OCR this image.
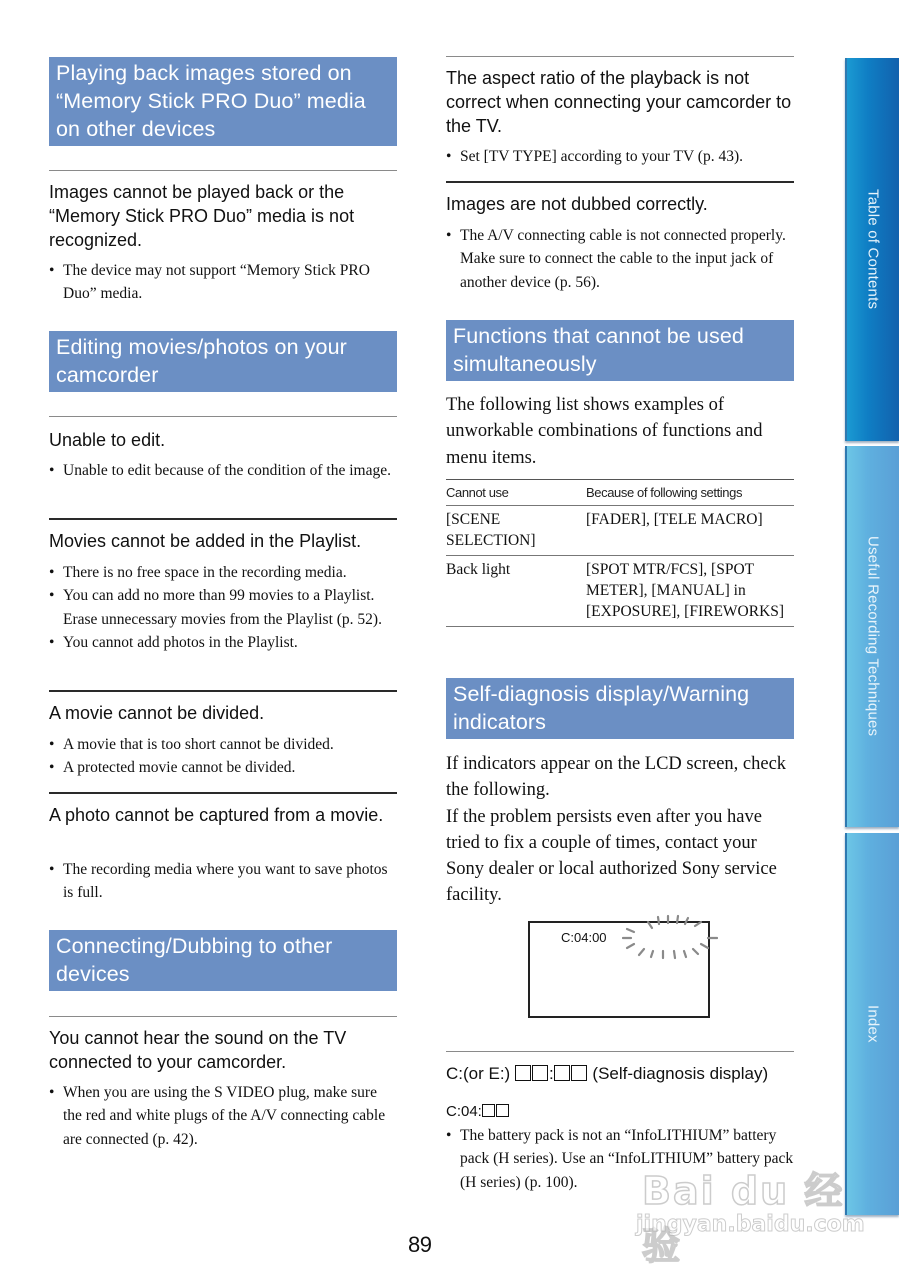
Playing back images stored on “Memory Stick PRO Duo” media on other devices
Images cannot be played back or the “Memory Stick PRO Duo” media is not recognized.
• The device may not support “Memory Stick PRO Duo” media.
Editing movies/photos on your camcorder
Unable to edit.
• Unable to edit because of the condition of the image.
Movies cannot be added in the Playlist.
• There is no free space in the recording media.
• You can add no more than 99 movies to a Playlist. Erase unnecessary movies from the Playlist (p. 52).
• You cannot add photos in the Playlist.
A movie cannot be divided.
• A movie that is too short cannot be divided.
• A protected movie cannot be divided.
A photo cannot be captured from a movie.
• The recording media where you want to save photos is full.
Connecting/Dubbing to other devices
You cannot hear the sound on the TV connected to your camcorder.
• When you are using the S VIDEO plug, make sure the red and white plugs of the A/V connecting cable are connected (p. 42).
The aspect ratio of the playback is not correct when connecting your camcorder to the TV.
• Set [TV TYPE] according to your TV (p. 43).
Images are not dubbed correctly.
• The A/V connecting cable is not connected properly. Make sure to connect the cable to the input jack of another device (p. 56).
Functions that cannot be used simultaneously
The following list shows examples of unworkable combinations of functions and menu items.
Cannot use	Because of following settings
[SCENE SELECTION]	[FADER], [TELE MACRO]
Back light	[SPOT MTR/FCS], [SPOT METER], [MANUAL] in [EXPOSURE], [FIREWORKS]
Self-diagnosis display/Warning indicators
If indicators appear on the LCD screen, check the following.
If the problem persists even after you have tried to fix a couple of times, contact your Sony dealer or local authorized Sony service facility.
C:04:00
C:(or E:) : (Self-diagnosis display)
C:04:
• The battery pack is not an “InfoLITHIUM” battery pack (H series). Use an “InfoLITHIUM” battery pack (H series) (p. 100).
Table of Contents
Useful Recording Techniques
Index
89
Bai du 经验
jingyan.baidu.com
